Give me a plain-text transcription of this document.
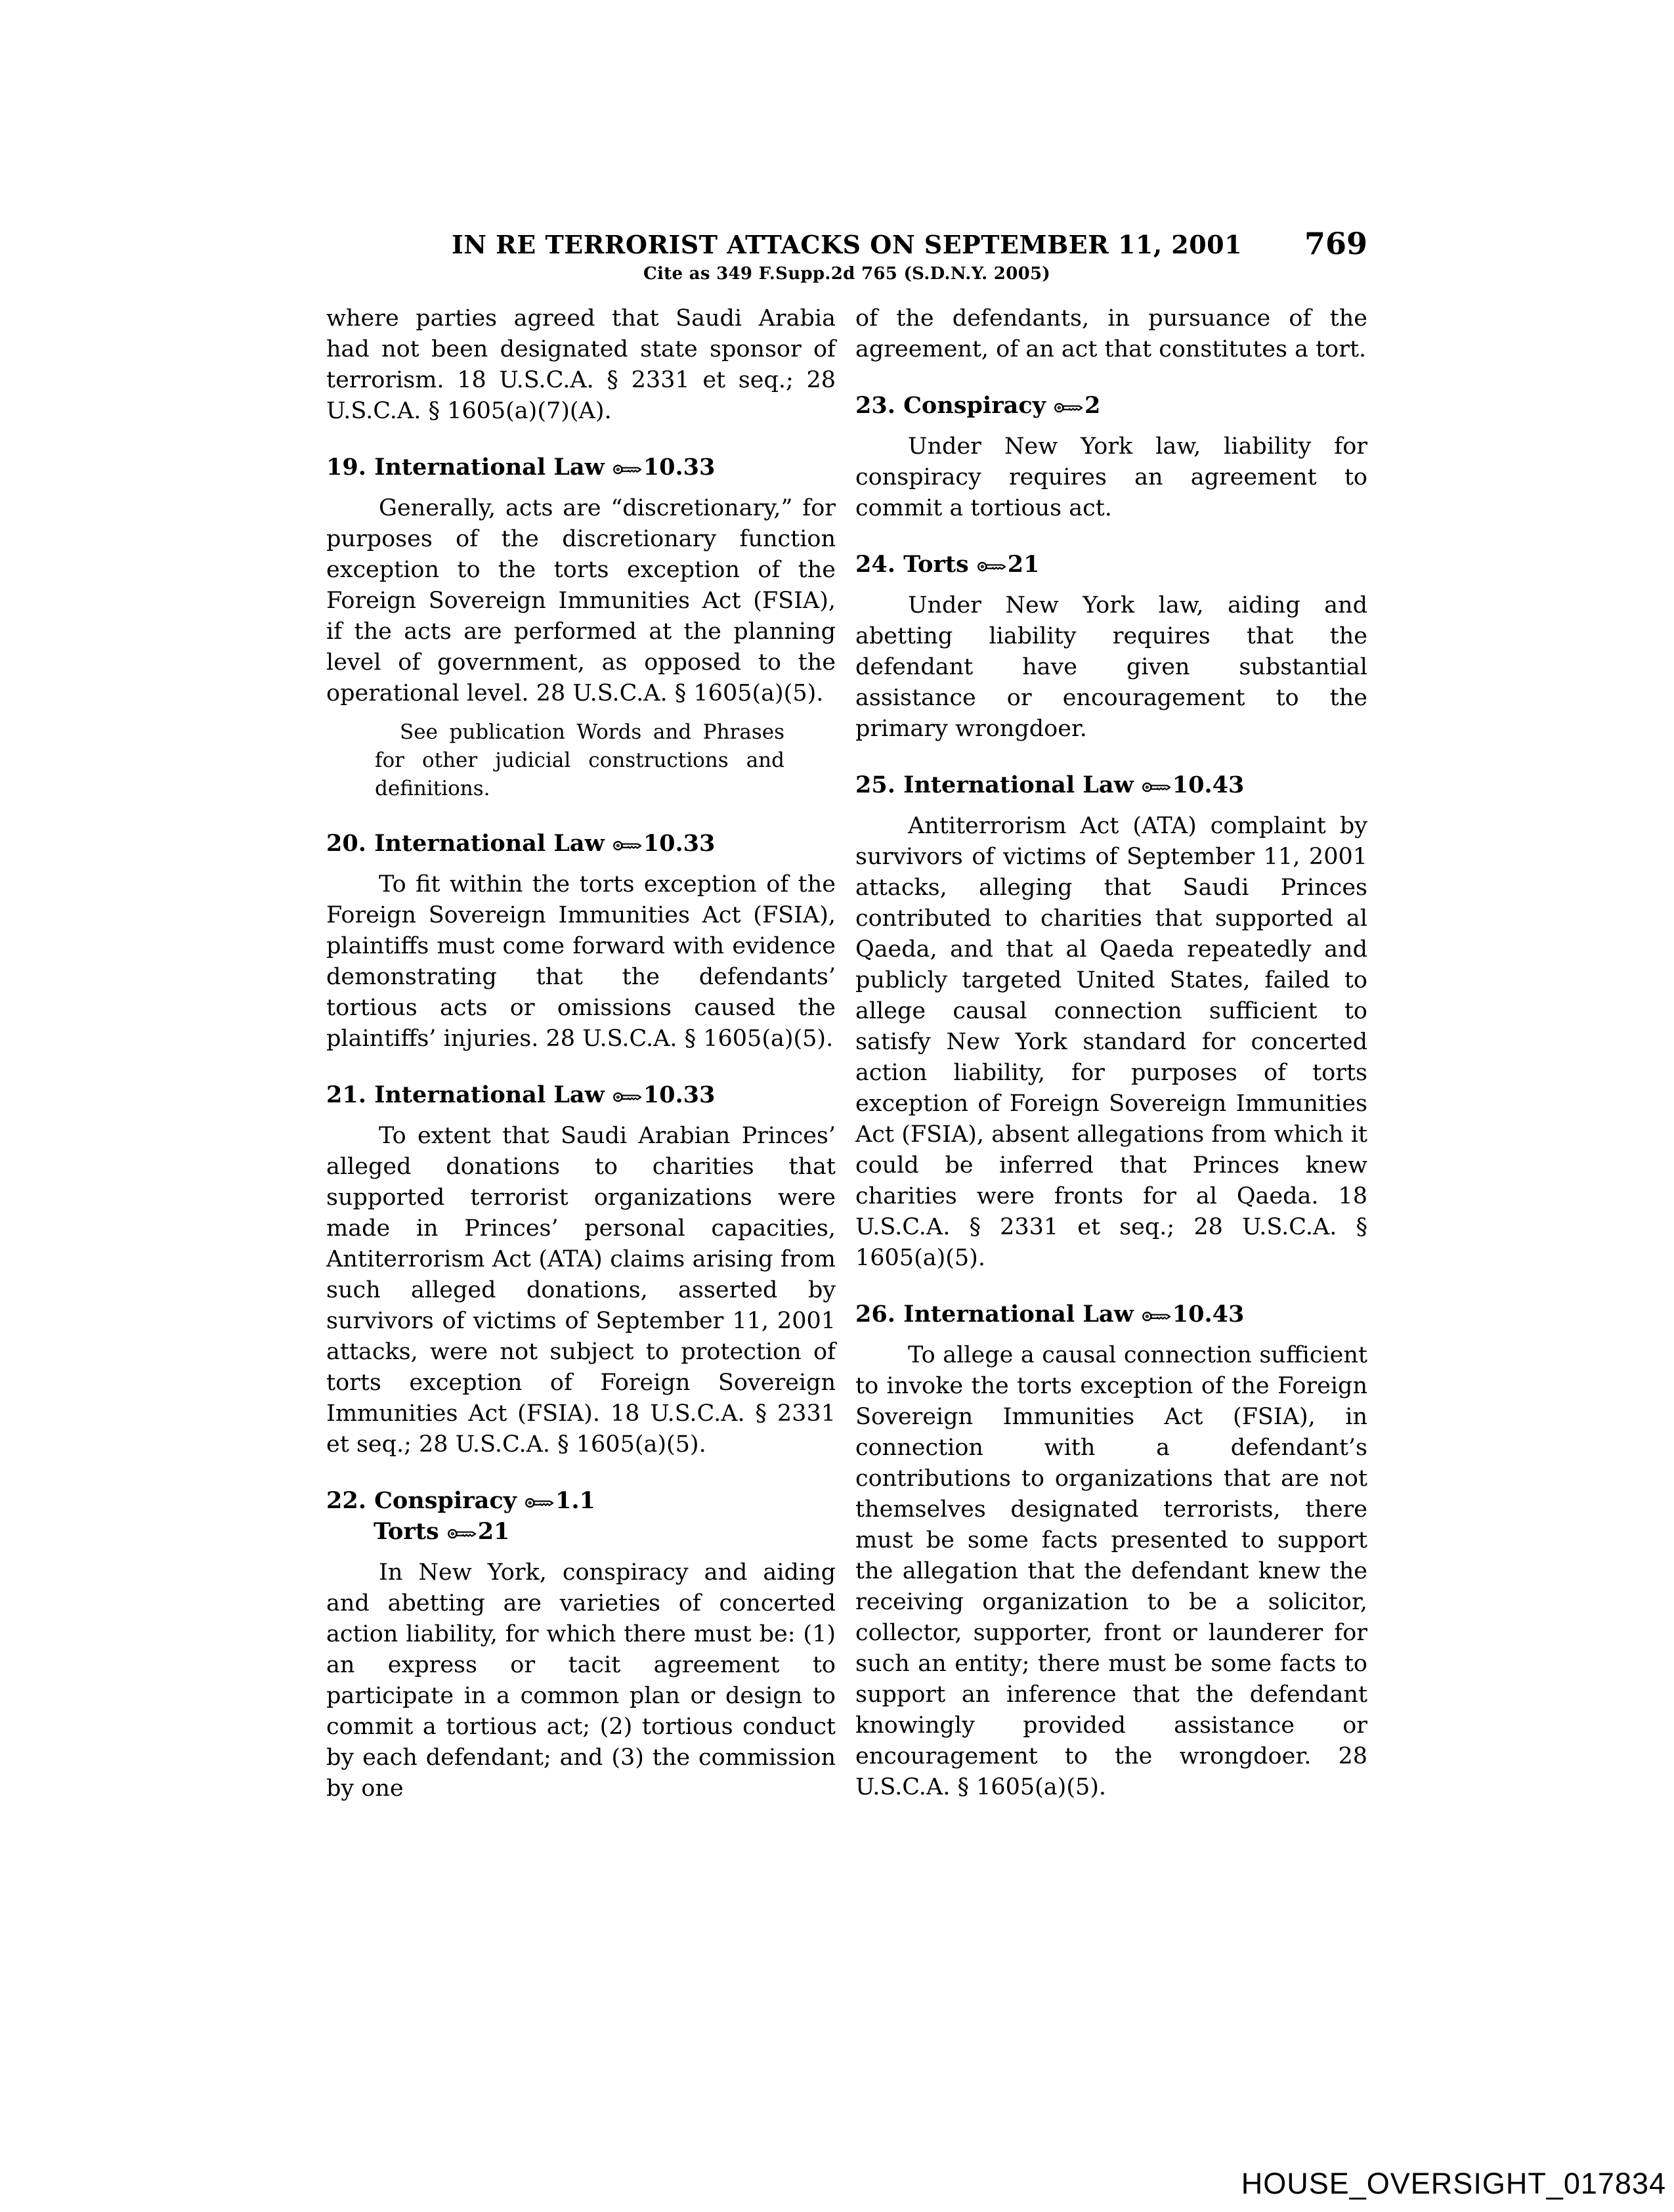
IN RE TERRORIST ATTACKS ON SEPTEMBER 11, 2001	769
Cite as 349 F.Supp.2d 765 (S.D.N.Y. 2005)

where parties agreed that Saudi Arabia had not been designated state sponsor of terrorism. 18 U.S.C.A. § 2331 et seq.; 28 U.S.C.A. § 1605(a)(7)(A).

19. International Law 10.33

Generally, acts are “discretionary,” for purposes of the discretionary function exception to the torts exception of the Foreign Sovereign Immunities Act (FSIA), if the acts are performed at the planning level of government, as opposed to the operational level. 28 U.S.C.A. § 1605(a)(5).

See publication Words and Phrases for other judicial constructions and definitions.
20. International Law 10.33

To fit within the torts exception of the Foreign Sovereign Immunities Act (FSIA), plaintiffs must come forward with evidence demonstrating that the defendants’ tortious acts or omissions caused the plaintiffs’ injuries. 28 U.S.C.A. § 1605(a)(5).

21. International Law 10.33

To extent that Saudi Arabian Princes’ alleged donations to charities that supported terrorist organizations were made in Princes’ personal capacities, Antiterrorism Act (ATA) claims arising from such alleged donations, asserted by survivors of victims of September 11, 2001 attacks, were not subject to protection of torts exception of Foreign Sovereign Immunities Act (FSIA). 18 U.S.C.A. § 2331 et seq.; 28 U.S.C.A. § 1605(a)(5).

22. Conspiracy 1.1
Torts 21

In New York, conspiracy and aiding and abetting are varieties of concerted action liability, for which there must be: (1) an express or tacit agreement to participate in a common plan or design to commit a tortious act; (2) tortious conduct by each defendant; and (3) the commission by one

of the defendants, in pursuance of the agreement, of an act that constitutes a tort.

23. Conspiracy 2

Under New York law, liability for conspiracy requires an agreement to commit a tortious act.

24. Torts 21

Under New York law, aiding and abetting liability requires that the defendant have given substantial assistance or encouragement to the primary wrongdoer.

25. International Law 10.43

Antiterrorism Act (ATA) complaint by survivors of victims of September 11, 2001 attacks, alleging that Saudi Princes contributed to charities that supported al Qaeda, and that al Qaeda repeatedly and publicly targeted United States, failed to allege causal connection sufficient to satisfy New York standard for concerted action liability, for purposes of torts exception of Foreign Sovereign Immunities Act (FSIA), absent allegations from which it could be inferred that Princes knew charities were fronts for al Qaeda. 18 U.S.C.A. § 2331 et seq.; 28 U.S.C.A. § 1605(a)(5).

26. International Law 10.43

To allege a causal connection sufficient to invoke the torts exception of the Foreign Sovereign Immunities Act (FSIA), in connection with a defendant’s contributions to organizations that are not themselves designated terrorists, there must be some facts presented to support the allegation that the defendant knew the receiving organization to be a solicitor, collector, supporter, front or launderer for such an entity; there must be some facts to support an inference that the defendant knowingly provided assistance or encouragement to the wrongdoer. 28 U.S.C.A. § 1605(a)(5).

HOUSE_OVERSIGHT_017834
